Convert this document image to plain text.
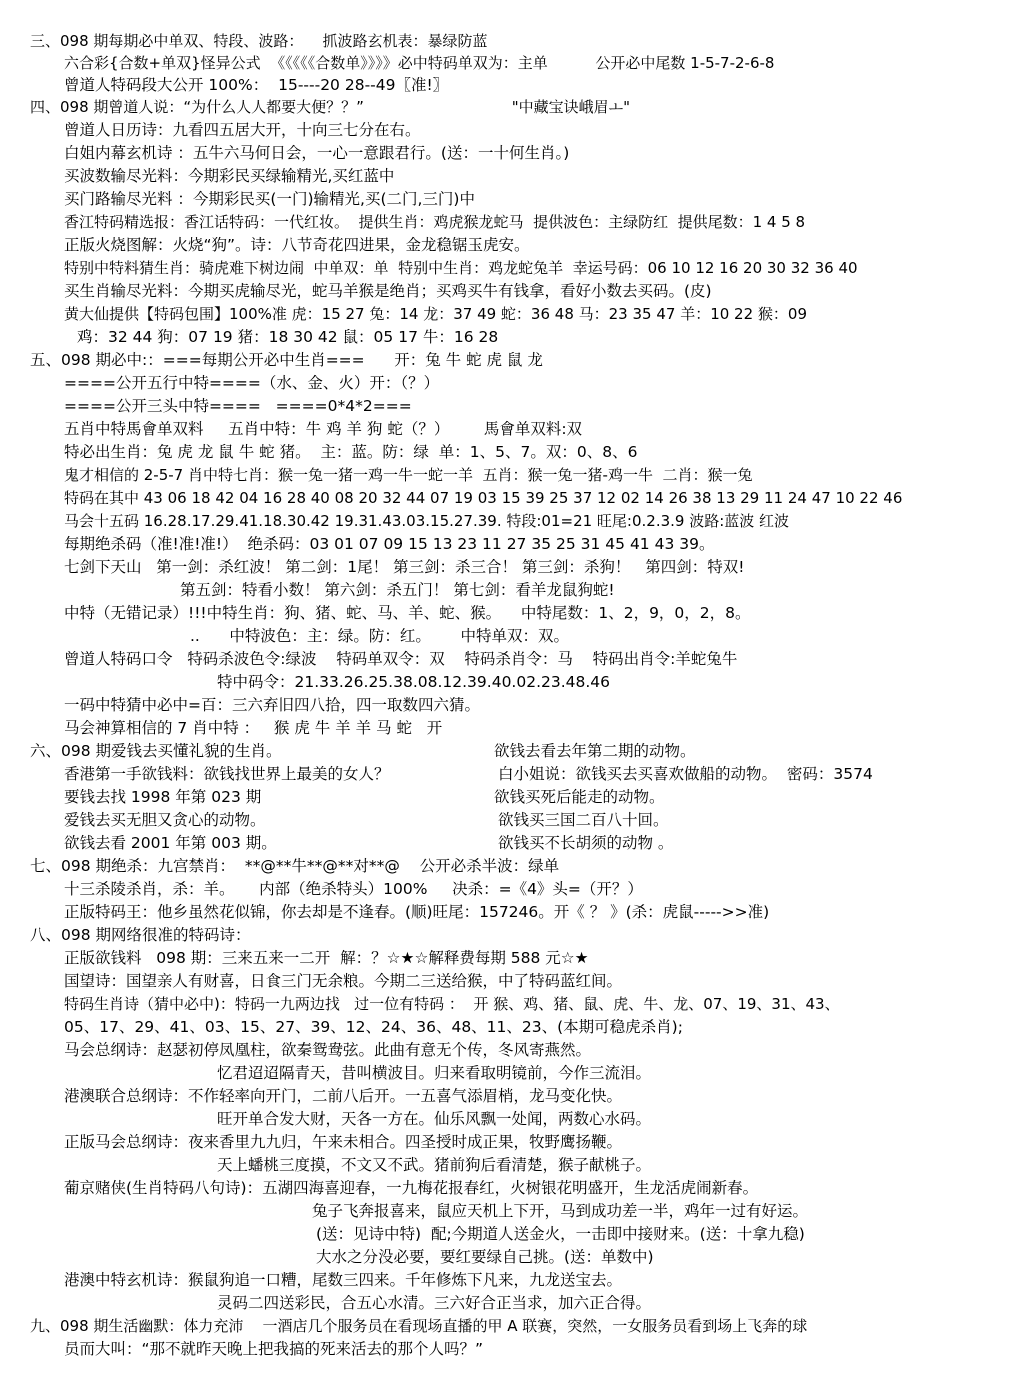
三、098 期每期必中单双、特段、波路：    抓波路玄机表：暴绿防蓝
六合彩{合数+单双}怪异公式  《《《《《合数单》》》》必中特码单双为：主单          公开必中尾数 1-5-7-2-6-8
曾道人特码段大公开 100%：  15----20 28--49〖准!〗
四、098 期曾道人说：“为什么人人都要大便？？”                               "中藏宝诀峨眉ㅗ"
曾道人日历诗：九看四五居大开，十向三七分在右。
白姐内幕玄机诗 ：五牛六马何日会，一心一意跟君行。(送：一十何生肖。)
买波数输尽光料：今期彩民买绿输精光,买红蓝中
买门路输尽光料 ：今期彩民买(一门)输精光,买(二门,三门)中
香江特码精选报：香江话特码：一代红妆。  提供生肖：鸡虎猴龙蛇马  提供波色：主绿防红  提供尾数：1 4 5 8
正版火烧图解：火烧“狗”。诗：八节奇花四进果，金龙稳锯玉虎安。
特别中特料猜生肖：骑虎难下树边闹  中单双：单  特别中生肖：鸡龙蛇兔羊  幸运号码：06 10 12 16 20 30 32 36 40
买生肖输尽光料：今期买虎输尽光，蛇马羊猴是绝肖；买鸡买牛有钱拿，看好小数去买码。(皮)
黄大仙提供【特码包围】100%准 虎：15 27 兔：14 龙：37 49 蛇：36 48 马：23 35 47 羊：10 22 猴：09
鸡：32 44 狗：07 19 猪：18 30 42 鼠：05 17 牛：16 28
五、098 期必中:：===每期公开必中生肖===      开：兔 牛 蛇 虎 鼠 龙
====公开五行中特====（水、金、火）开：（？）
====公开三头中特====   ====0*4*2===
五肖中特馬會单双料     五肖中特：牛 鸡 羊 狗 蛇（？）       馬會单双料:双
特必出生肖：兔 虎 龙 鼠 牛 蛇 猪。  主：蓝。防：绿  单：1、5、7。双：0、8、6
鬼才相信的 2-5-7 肖中特七肖：猴一兔一猪一鸡一牛一蛇一羊  五肖：猴一兔一猪-鸡一牛  二肖：猴一兔
特码在其中 43 06 18 42 04 16 28 40 08 20 32 44 07 19 03 15 39 25 37 12 02 14 26 38 13 29 11 24 47 10 22 46
马会十五码 16.28.17.29.41.18.30.42 19.31.43.03.15.27.39. 特段:01=21 旺尾:0.2.3.9 波路:蓝波 红波
每期绝杀码（准!准!准!）  绝杀码：03 01 07 09 15 13 23 11 27 35 25 31 45 41 43 39。
七剑下天山   第一剑：杀红波！ 第二剑：1尾！ 第三剑：杀三合！ 第三剑：杀狗！   第四剑：特双!
第五剑：特看小数！ 第六剑：杀五门！ 第七剑：看羊龙鼠狗蛇!
中特（无错记录）!!!中特生肖：狗、猪、蛇、马、羊、蛇、猴。    中特尾数：1、2，9，0，2，8。
..      中特波色：主：绿。防：红。      中特单双：双。
曾道人特码口令   特码杀波色令:绿波    特码单双令：双    特码杀肖令：马    特码出肖令:羊蛇兔牛
特中码令：21.33.26.25.38.08.12.39.40.02.23.48.46
一码中特猜中必中=百：三六弃旧四八拾，四一取数四六猜。
马会神算相信的 7 肖中特 ：   猴 虎 牛 羊 羊 马 蛇   开
六、098 期爱钱去买懂礼貌的生肖。	欲钱去看去年第二期的动物。
香港第一手欲钱料：欲钱找世界上最美的女人？	白小姐说：欲钱买去买喜欢做船的动物。  密码：3574
要钱去找 1998 年第 023 期	欲钱买死后能走的动物。
爱钱去买无胆又贪心的动物。	欲钱买三国二百八十回。
欲钱去看 2001 年第 003 期。	欲钱买不长胡须的动物 。
七、098 期绝杀：九宫禁肖：  **@**牛**@**对**@    公开必杀半波：绿单
十三杀陵杀肖，杀：羊。     内部（绝杀特头）100%     决杀：=《4》头=（开？）
正版特码王：他乡虽然花似锦，你去却是不逢春。(顺)旺尾：157246。开《 ？ 》(杀：虎鼠----->>准)
八、098 期网络很准的特码诗：
正版欲钱料   098 期：三来五来一二开  解：？☆★☆解释费每期 588 元☆★
国望诗：国望亲人有财喜，日食三门无余粮。今期二三送给猴，中了特码蓝红间。
特码生肖诗（猜中必中)：特码一九两边找   过一位有特码 ：  开 猴、鸡、猪、鼠、虎、牛、龙、07、19、31、43、
05、17、29、41、03、15、27、39、12、24、36、48、11、23、(本期可稳虎杀肖);
马会总纲诗：赵瑟初停凤凰柱，欲秦鸳鸯弦。此曲有意无个传，冬风寄燕然。
忆君迢迢隔青天，昔叫横波目。归来看取明镜前，今作三流泪。
港澳联合总纲诗：不作轻率向开门，二前八后开。一五喜气添眉梢，龙马变化快。
旺开单合发大财，天各一方在。仙乐风飘一处闻，两数心水码。
正版马会总纲诗：夜来香里九九归，午来未相合。四圣授时成正果，牧野鹰扬鞭。
天上蟠桃三度摸，不文又不武。猪前狗后看清楚，猴子献桃子。
葡京赌侠(生肖特码八句诗)：五湖四海喜迎春，一九梅花报春红，火树银花明盛开，生龙活虎闹新春。
兔子飞奔报喜来，鼠应天机上下开，马到成功差一半，鸡年一过有好运。
(送：见诗中特)  配;今期道人送金火，一击即中接财来。(送：十拿九稳)
大水之分没必要，要红要绿自己挑。(送：单数中)
港澳中特玄机诗：猴鼠狗追一口糟，尾数三四来。千年修炼下凡来，九龙送宝去。
灵码二四送彩民，合五心水清。三六好合正当求，加六正合得。
九、098 期生活幽默：体力充沛    一酒店几个服务员在看现场直播的甲 A 联赛，突然，一女服务员看到场上飞奔的球
员而大叫：“那不就昨天晚上把我搞的死来活去的那个人吗？”
